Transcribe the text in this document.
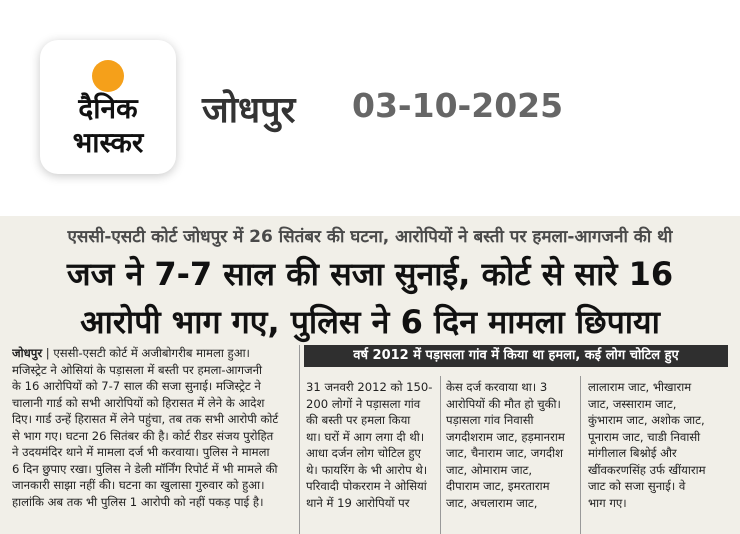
दैनिक
भास्कर
जोधपुर 03-10-2025
एससी-एसटी कोर्ट जोधपुर में 26 सितंबर की घटना, आरोपियों ने बस्ती पर हमला-आगजनी की थी
जज ने 7-7 साल की सजा सुनाई, कोर्ट से सारे 16
आरोपी भाग गए, पुलिस ने 6 दिन मामला छिपाया
जोधपुर | एससी-एसटी कोर्ट में अजीबोगरीब मामला हुआ।
मजिस्ट्रेट ने ओसियां के पड़ासला में बस्ती पर हमला-आगजनी
के 16 आरोपियों को 7-7 साल की सजा सुनाई। मजिस्ट्रेट ने
चालानी गार्ड को सभी आरोपियों को हिरासत में लेने के आदेश
दिए। गार्ड उन्हें हिरासत में लेने पहुंचा, तब तक सभी आरोपी कोर्ट
से भाग गए। घटना 26 सितंबर की है। कोर्ट रीडर संजय पुरोहित
ने उदयमंदिर थाने में मामला दर्ज भी करवाया। पुलिस ने मामला
6 दिन छुपाए रखा। पुलिस ने डेली मॉर्निंग रिपोर्ट में भी मामले की
जानकारी साझा नहीं की। घटना का खुलासा गुरुवार को हुआ।
हालांकि अब तक भी पुलिस 1 आरोपी को नहीं पकड़ पाई है।
वर्ष 2012 में पड़ासला गांव में किया था हमला, कई लोग चोटिल हुए
31 जनवरी 2012 को 150-
200 लोगों ने पड़ासला गांव
की बस्ती पर हमला किया
था। घरों में आग लगा दी थी।
आधा दर्जन लोग चोटिल हुए
थे। फायरिंग के भी आरोप थे।
परिवादी पोकरराम ने ओसियां
थाने में 19 आरोपियों पर
केस दर्ज करवाया था। 3
आरोपियों की मौत हो चुकी।
पड़ासला गांव निवासी
जगदीशराम जाट, हड़मानराम
जाट, चैनाराम जाट, जगदीश
जाट, ओमाराम जाट,
दीपाराम जाट, इमरताराम
जाट, अचलाराम जाट,
लालाराम जाट, भीखाराम
जाट, जस्साराम जाट,
कुंभाराम जाट, अशोक जाट,
पूनाराम जाट, चाडी निवासी
मांगीलाल बिश्नोई और
खींवकरणसिंह उर्फ खींयाराम
जाट को सजा सुनाई। वे
भाग गए।
